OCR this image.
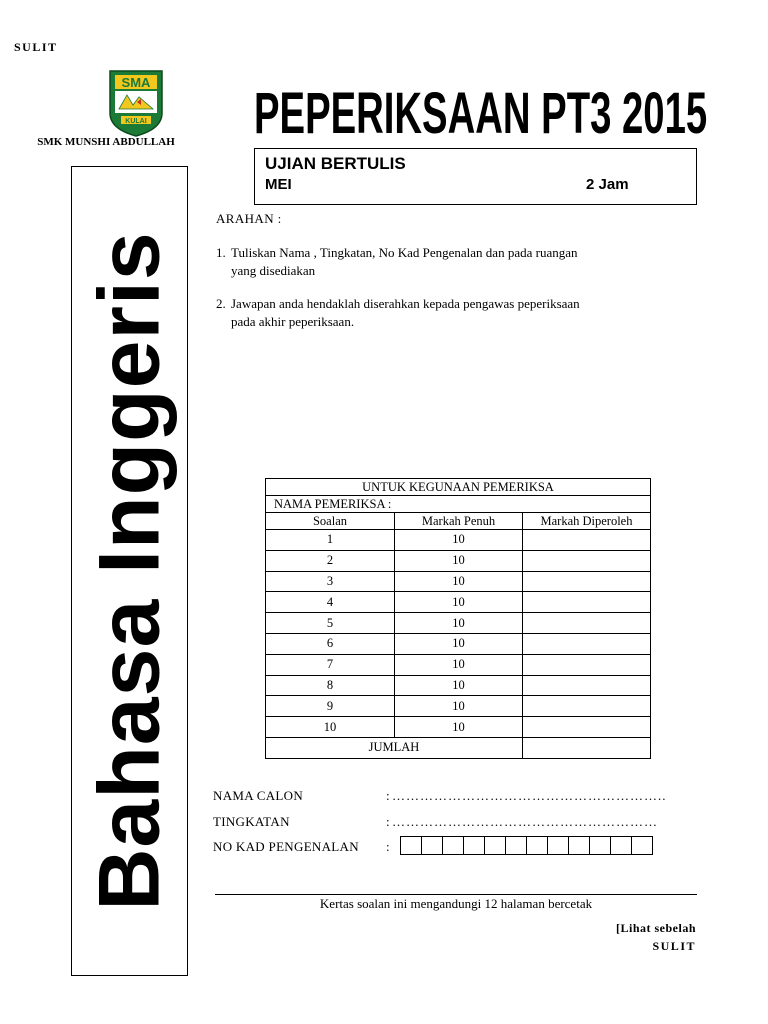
SULIT
SMA
KULAI
SMK MUNSHI ABDULLAH
Bahasa Inggeris
PEPERIKSAAN PT3 2015
UJIAN BERTULIS
MEI	2 Jam
ARAHAN :
1. Tuliskan Nama , Tingkatan, No Kad Pengenalan dan pada ruangan yang disediakan
2. Jawapan anda hendaklah diserahkan kepada pengawas peperiksaan pada akhir peperiksaan.
UNTUK KEGUNAAN PEMERIKSA		
NAMA PEMERIKSA :		
Soalan	Markah Penuh	Markah Diperoleh
1	10	
2	10	
3	10	
4	10	
5	10	
6	10	
7	10	
8	10	
9	10	
10	10	
JUMLAH		
NAMA CALON	: …………………………………………………..
TINGKATAN	: …………………………………………………
NO KAD PENGENALAN :
Kertas soalan ini mengandungi 12 halaman bercetak
[Lihat sebelah
SULIT
